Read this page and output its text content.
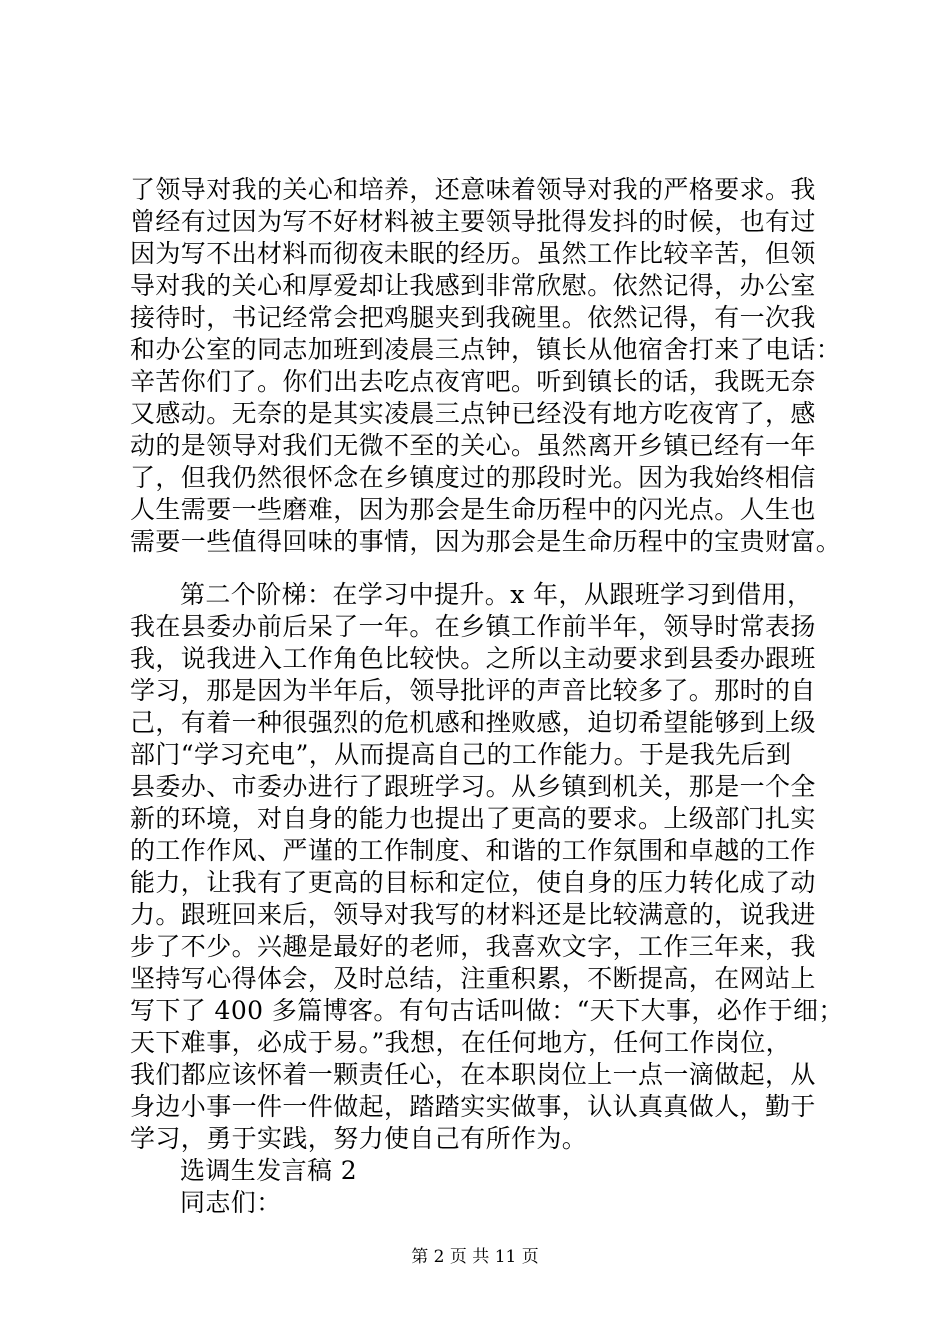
了领导对我的关心和培养，还意味着领导对我的严格要求。我
曾经有过因为写不好材料被主要领导批得发抖的时候，也有过
因为写不出材料而彻夜未眠的经历。虽然工作比较辛苦，但领
导对我的关心和厚爱却让我感到非常欣慰。依然记得，办公室
接待时，书记经常会把鸡腿夹到我碗里。依然记得，有一次我
和办公室的同志加班到凌晨三点钟，镇长从他宿舍打来了电话：
辛苦你们了。你们出去吃点夜宵吧。听到镇长的话，我既无奈
又感动。无奈的是其实凌晨三点钟已经没有地方吃夜宵了，感
动的是领导对我们无微不至的关心。虽然离开乡镇已经有一年
了，但我仍然很怀念在乡镇度过的那段时光。因为我始终相信
人生需要一些磨难，因为那会是生命历程中的闪光点。人生也
需要一些值得回味的事情，因为那会是生命历程中的宝贵财富。
第二个阶梯：在学习中提升。x 年，从跟班学习到借用，
我在县委办前后呆了一年。在乡镇工作前半年，领导时常表扬
我，说我进入工作角色比较快。之所以主动要求到县委办跟班
学习，那是因为半年后，领导批评的声音比较多了。那时的自
己，有着一种很强烈的危机感和挫败感，迫切希望能够到上级
部门“学习充电”，从而提高自己的工作能力。于是我先后到
县委办、市委办进行了跟班学习。从乡镇到机关，那是一个全
新的环境，对自身的能力也提出了更高的要求。上级部门扎实
的工作作风、严谨的工作制度、和谐的工作氛围和卓越的工作
能力，让我有了更高的目标和定位，使自身的压力转化成了动
力。跟班回来后，领导对我写的材料还是比较满意的，说我进
步了不少。兴趣是最好的老师，我喜欢文字，工作三年来，我
坚持写心得体会，及时总结，注重积累，不断提高，在网站上
写下了 400 多篇博客。有句古话叫做：“天下大事，必作于细；
天下难事，必成于易。”我想，在任何地方，任何工作岗位，
我们都应该怀着一颗责任心，在本职岗位上一点一滴做起，从
身边小事一件一件做起，踏踏实实做事，认认真真做人，勤于
学习，勇于实践，努力使自己有所作为。
选调生发言稿 2
同志们：
第 2 页 共 11 页
